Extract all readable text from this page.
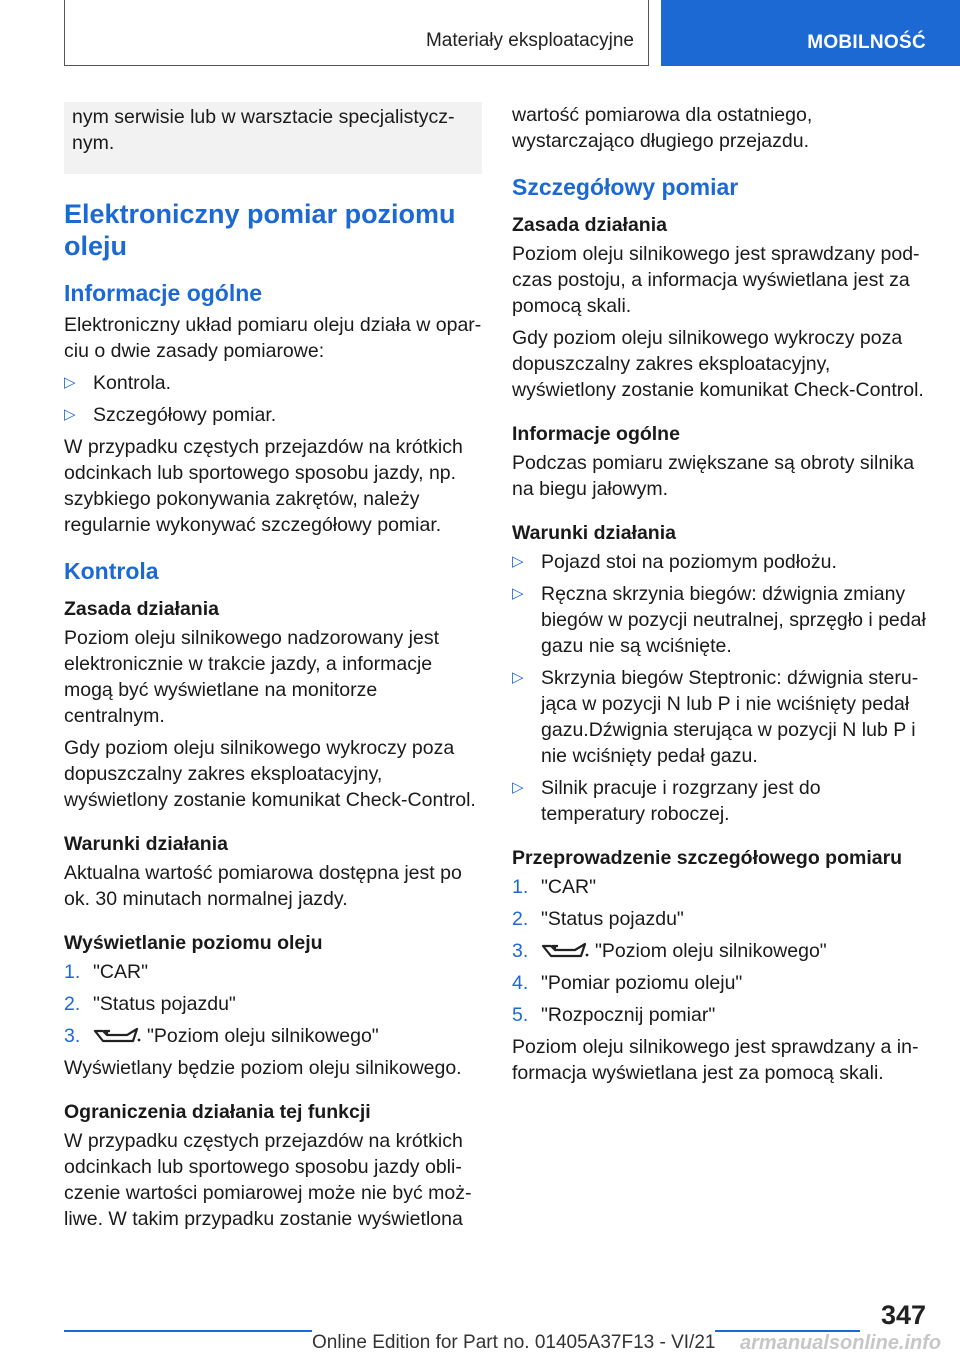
Materiały eksploatacyjne	MOBILNOŚĆ

nym serwisie lub w warsztacie specjalistycznym.

Elektroniczny pomiar poziomu oleju
Informacje ogólne

Elektroniczny układ pomiaru oleju działa w oparciu o dwie zasady pomiarowe:

▷ Kontrola.
▷ Szczegółowy pomiar.

W przypadku częstych przejazdów na krótkich odcinkach lub sportowego sposobu jazdy, np. szybkiego pokonywania zakrętów, należy regularnie wykonywać szczegółowy pomiar.

Kontrola
Zasada działania

Poziom oleju silnikowego nadzorowany jest elektronicznie w trakcie jazdy, a informacje mogą być wyświetlane na monitorze centralnym.

Gdy poziom oleju silnikowego wykroczy poza dopuszczalny zakres eksploatacyjny, wyświetlony zostanie komunikat Check-Control.

Warunki działania

Aktualna wartość pomiarowa dostępna jest po ok. 30 minutach normalnej jazdy.

Wyświetlanie poziomu oleju
1. "CAR"
2. "Status pojazdu"
3.	"Poziom oleju silnikowego"

Wyświetlany będzie poziom oleju silnikowego.

Ograniczenia działania tej funkcji

W przypadku częstych przejazdów na krótkich odcinkach lub sportowego sposobu jazdy obliczenie wartości pomiarowej może nie być możliwe. W takim przypadku zostanie wyświetlona

wartość pomiarowa dla ostatniego, wystarczająco długiego przejazdu.

Szczegółowy pomiar
Zasada działania

Poziom oleju silnikowego jest sprawdzany podczas postoju, a informacja wyświetlana jest za pomocą skali.

Gdy poziom oleju silnikowego wykroczy poza dopuszczalny zakres eksploatacyjny, wyświetlony zostanie komunikat Check-Control.

Informacje ogólne

Podczas pomiaru zwiększane są obroty silnika na biegu jałowym.

Warunki działania
▷ Pojazd stoi na poziomym podłożu.
▷ Ręczna skrzynia biegów: dźwignia zmiany biegów w pozycji neutralnej, sprzęgło i pedał gazu nie są wciśnięte.
▷ Skrzynia biegów Steptronic: dźwignia sterująca w pozycji N lub P i nie wciśnięty pedał gazu.Dźwignia sterująca w pozycji N lub P i nie wciśnięty pedał gazu.
▷ Silnik pracuje i rozgrzany jest do temperatury roboczej.
Przeprowadzenie szczegółowego pomiaru
1. "CAR"
2. "Status pojazdu"
3.	"Poziom oleju silnikowego"
4. "Pomiar poziomu oleju"
5. "Rozpocznij pomiar"

Poziom oleju silnikowego jest sprawdzany a informacja wyświetlana jest za pomocą skali.

347
Online Edition for Part no. 01405A37F13 - VI/21 armanualsonline.info
